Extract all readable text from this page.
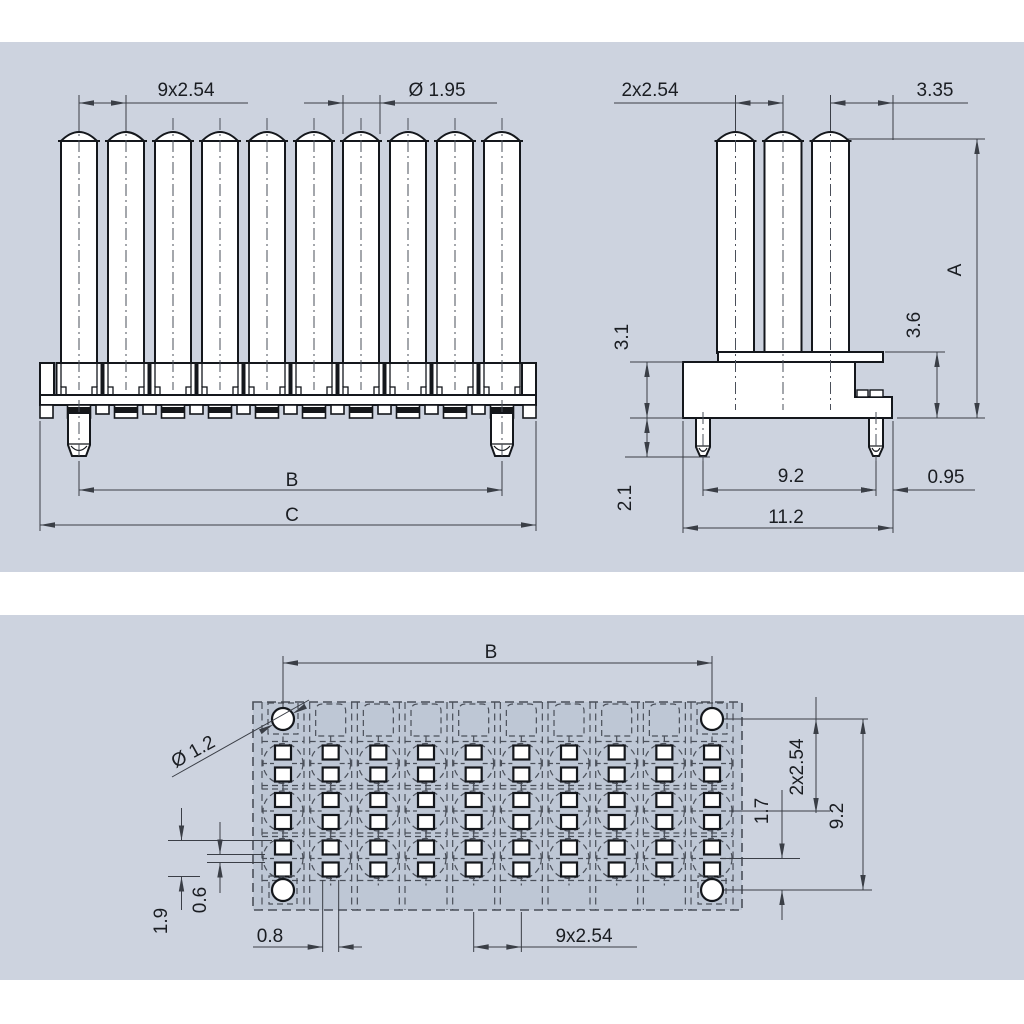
9x2.54	Ø 1.95
B
C
2x2.54	3.35
A
3.6
3.1
2.1
9.2	0.95
11.2
B
Ø 1.2	2x2.54
1.7	9.2
1.9
0.6
0.8	9x2.54
